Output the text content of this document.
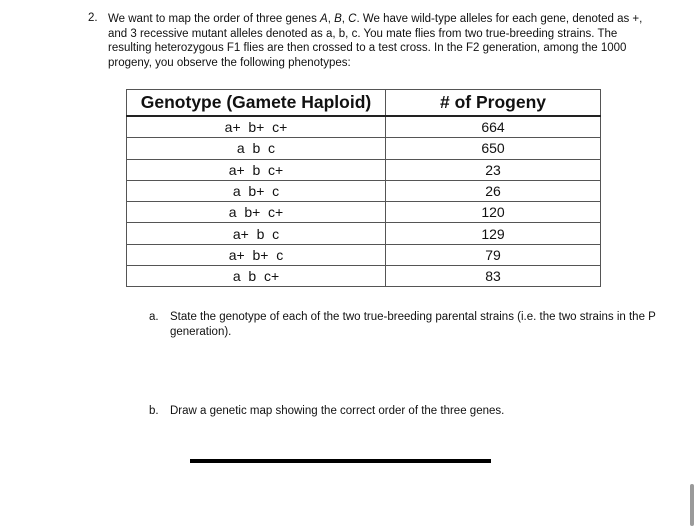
2. We want to map the order of three genes A, B, C. We have wild-type alleles for each gene, denoted as +,
and 3 recessive mutant alleles denoted as a, b, c. You mate flies from two true-breeding strains. The
resulting heterozygous F1 flies are then crossed to a test cross. In the F2 generation, among the 1000
progeny, you observe the following phenotypes:
Genotype (Gamete Haploid)	# of Progeny
a+  b+  c+	664
a  b  c	650
a+  b  c+	23
a  b+  c	26
a  b+  c+	120
a+  b  c	129
a+  b+  c	79
a  b  c+	83
a. State the genotype of each of the two true-breeding parental strains (i.e. the two strains in the P generation).
b. Draw a genetic map showing the correct order of the three genes.
